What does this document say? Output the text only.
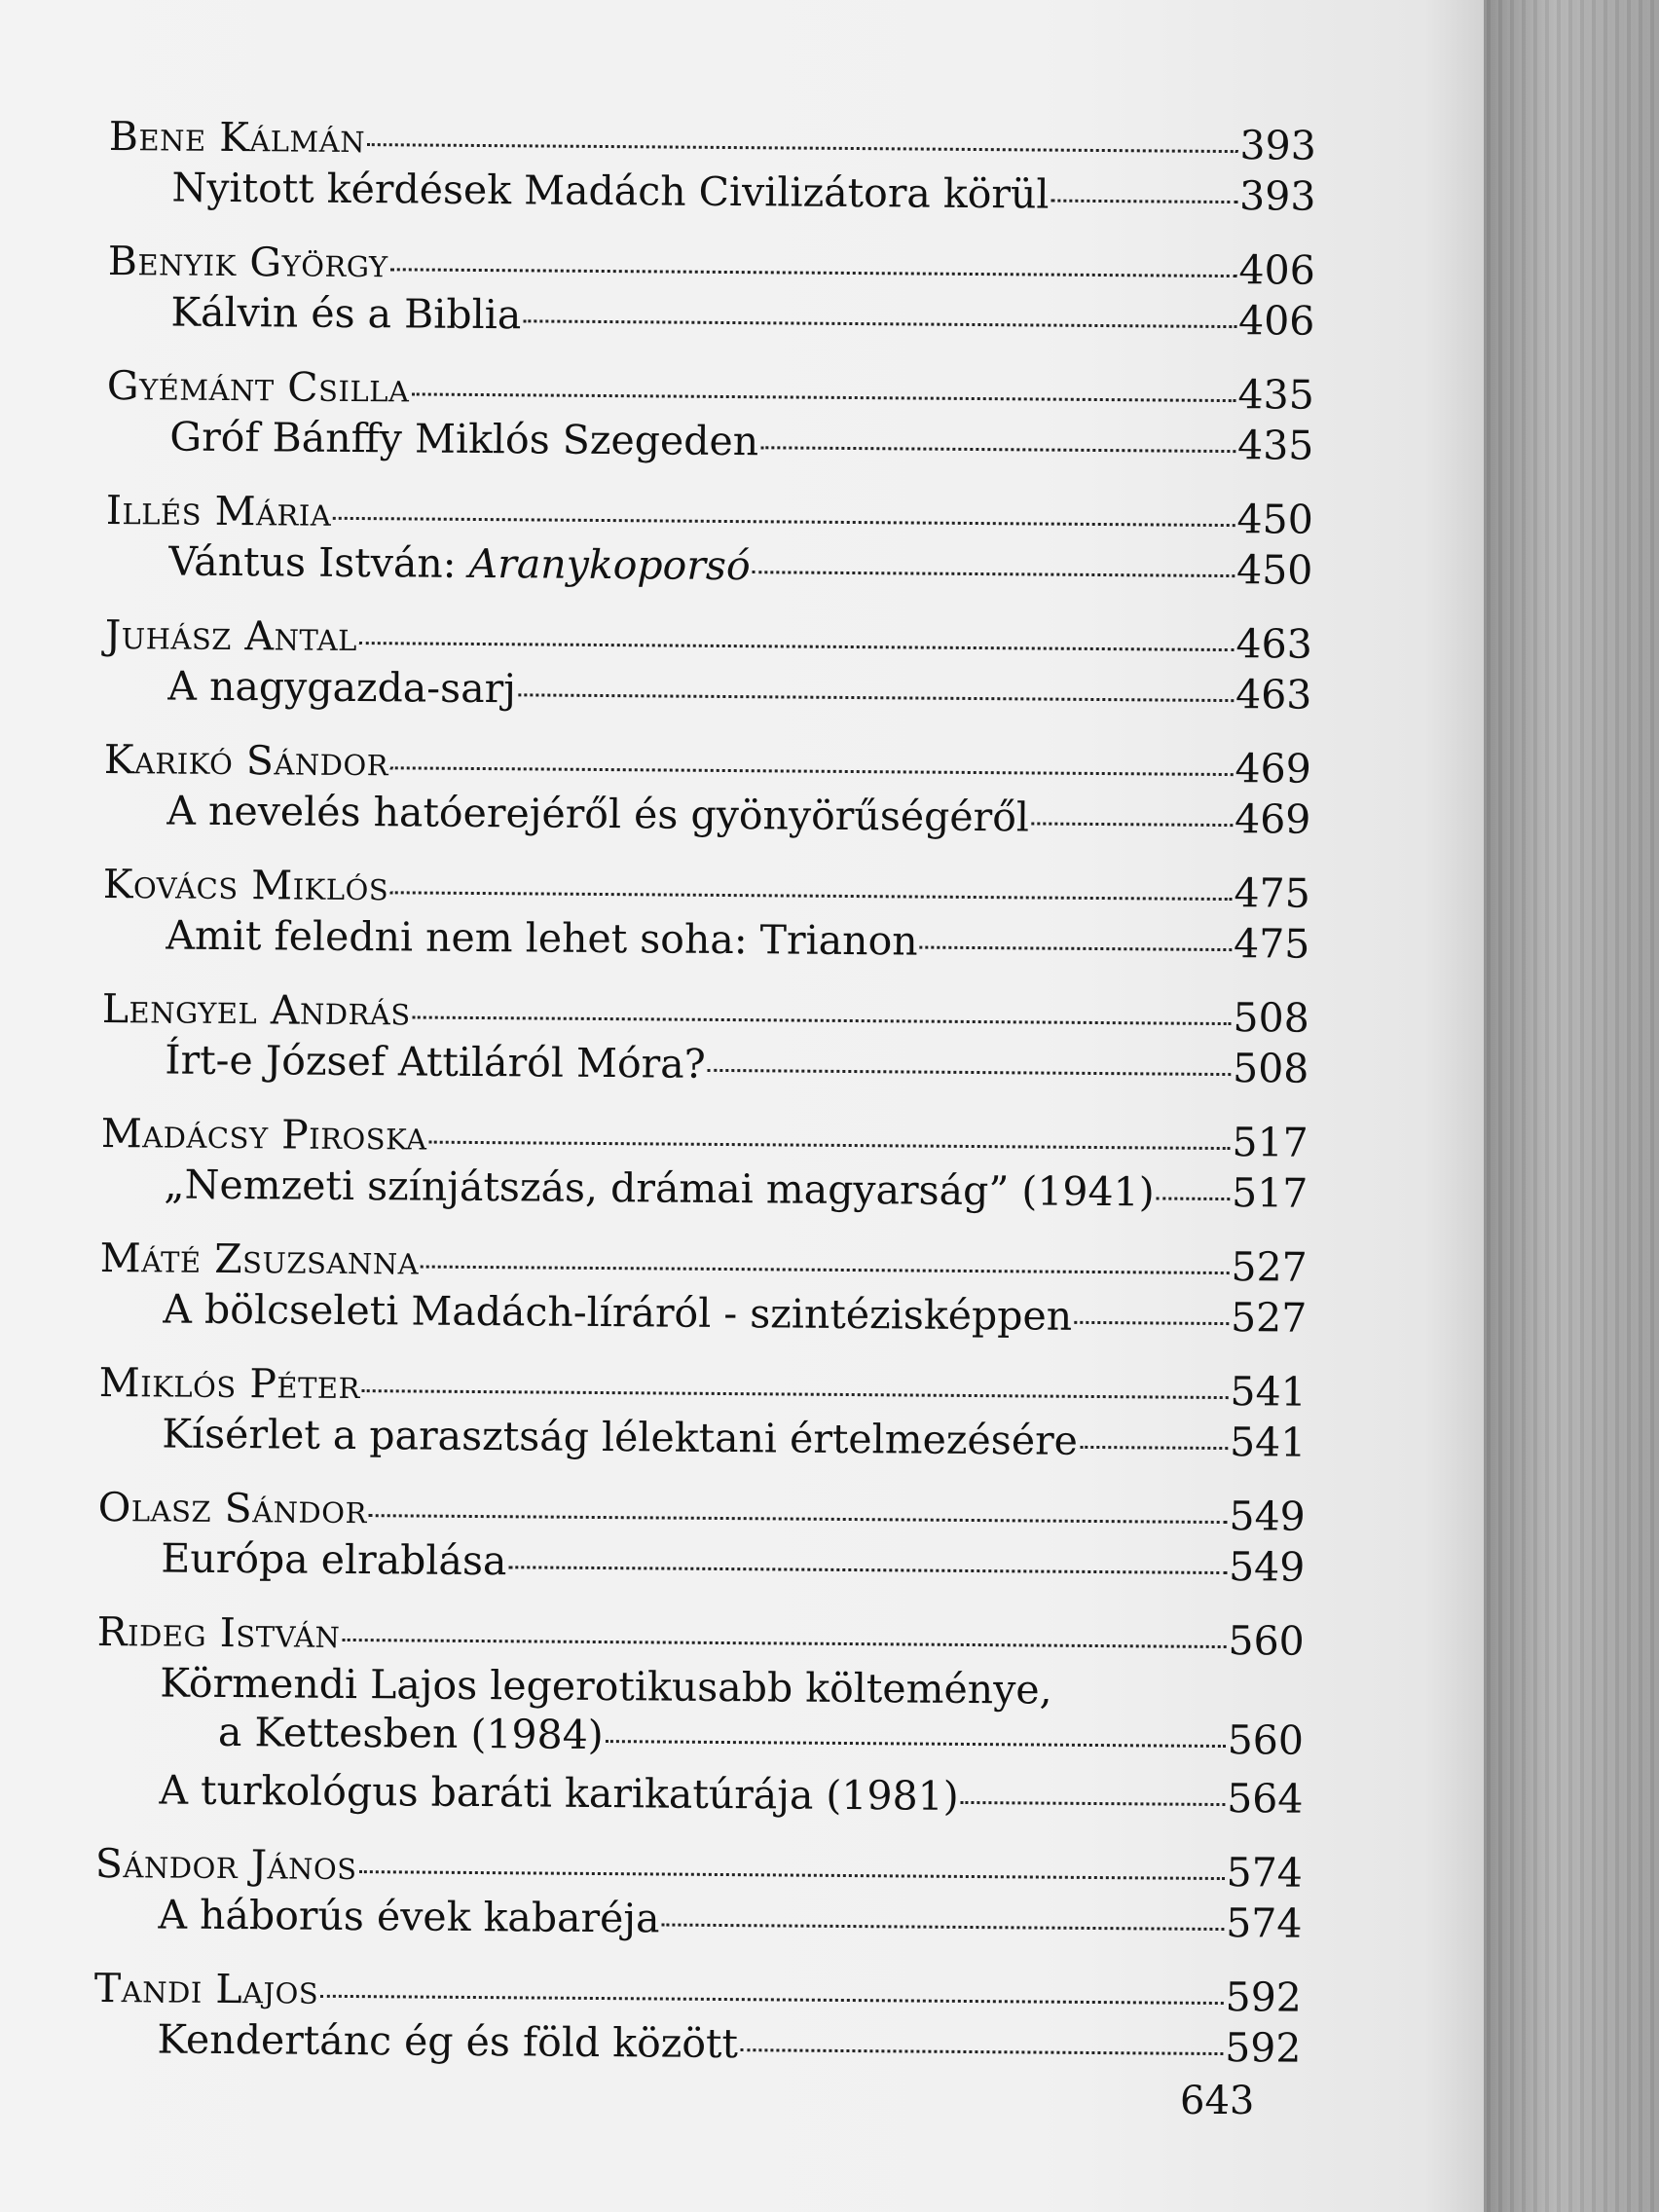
Bene Kálmán	393
Nyitott kérdések Madách Civilizátora körül	393
Benyik György	406
Kálvin és a Biblia	406
Gyémánt Csilla	435
Gróf Bánffy Miklós Szegeden	435
Illés Mária	450
Vántus István: Aranykoporsó	450
Juhász Antal	463
A nagygazda-sarj	463
Karikó Sándor	469
A nevelés hatóerejéről és gyönyörűségéről	469
Kovács Miklós	475
Amit feledni nem lehet soha: Trianon	475
Lengyel András	508
Írt-e József Attiláról Móra?	508
Madácsy Piroska	517
„Nemzeti színjátszás, drámai magyarság” (1941) 517
Máté Zsuzsanna	527
A bölcseleti Madách-líráról - szintézisképpen	527
Miklós Péter	541
Kísérlet a parasztság lélektani értelmezésére	541
Olasz Sándor	549
Európa elrablása	549
Rideg István	560
Körmendi Lajos legerotikusabb költeménye,
a Kettesben (1984)	560
A turkológus baráti karikatúrája (1981)	564
Sándor János	574
A háborús évek kabaréja	574
Tandi Lajos	592
Kendertánc ég és föld között	592
643
